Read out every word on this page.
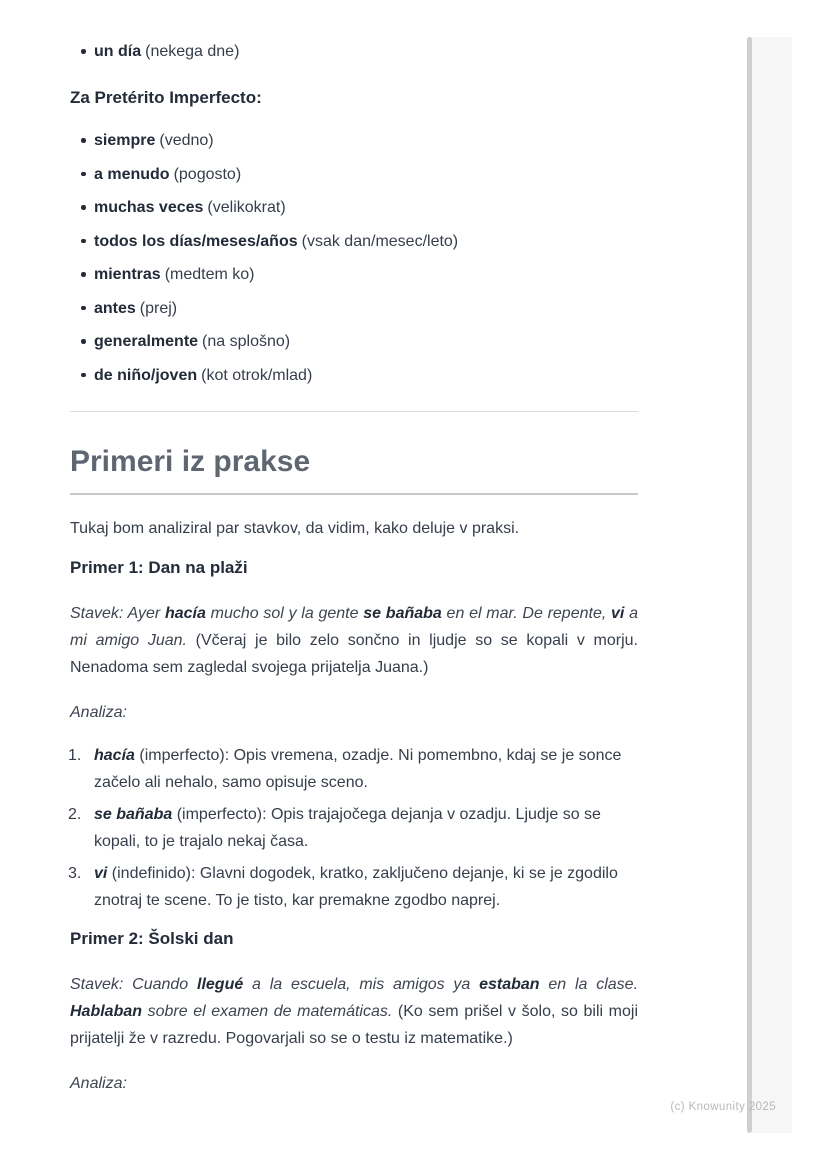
un día (nekega dne)
Za Pretérito Imperfecto:
siempre (vedno)
a menudo (pogosto)
muchas veces (velikokrat)
todos los días/meses/años (vsak dan/mesec/leto)
mientras (medtem ko)
antes (prej)
generalmente (na splošno)
de niño/joven (kot otrok/mlad)
Primeri iz prakse

Tukaj bom analiziral par stavkov, da vidim, kako deluje v praksi.

Primer 1: Dan na plaži

Stavek: Ayer hacía mucho sol y la gente se bañaba en el mar. De repente, vi a mi amigo Juan. (Včeraj je bilo zelo sončno in ljudje so se kopali v morju. Nenadoma sem zagledal svojega prijatelja Juana.)

Analiza:

hacía (imperfecto): Opis vremena, ozadje. Ni pomembno, kdaj se je sonce začelo ali nehalo, samo opisuje sceno.
se bañaba (imperfecto): Opis trajajočega dejanja v ozadju. Ljudje so se kopali, to je trajalo nekaj časa.
vi (indefinido): Glavni dogodek, kratko, zaključeno dejanje, ki se je zgodilo znotraj te scene. To je tisto, kar premakne zgodbo naprej.
Primer 2: Šolski dan

Stavek: Cuando llegué a la escuela, mis amigos ya estaban en la clase. Hablaban sobre el examen de matemáticas. (Ko sem prišel v šolo, so bili moji prijatelji že v razredu. Pogovarjali so se o testu iz matematike.)

Analiza:

(c) Knowunity 2025
